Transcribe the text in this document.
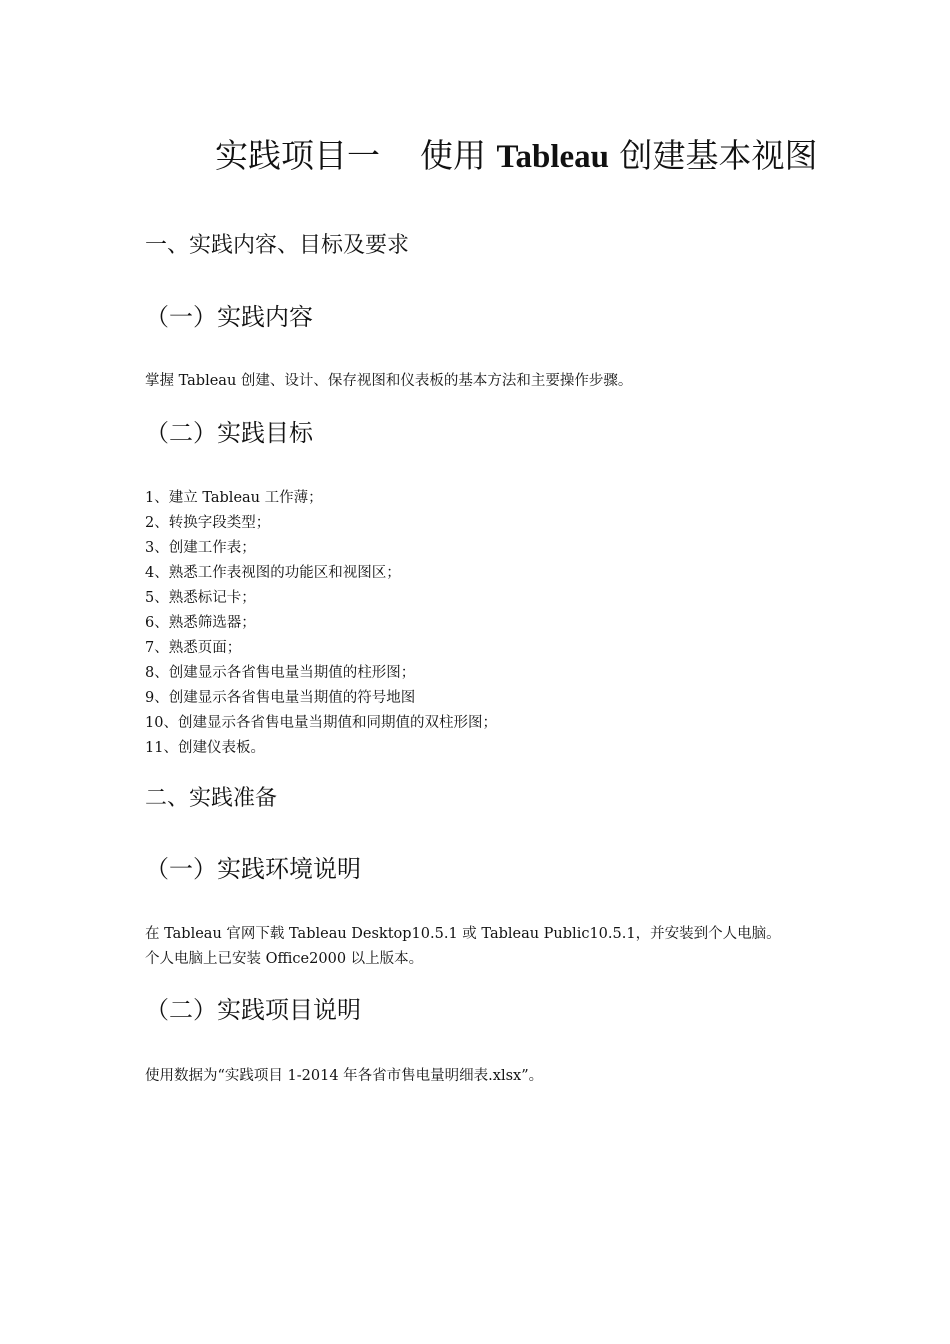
实践项目一 使用 Tableau 创建基本视图
一、实践内容、目标及要求
（一）实践内容

掌握 Tableau 创建、设计、保存视图和仪表板的基本方法和主要操作步骤。

（二）实践目标
1、建立 Tableau 工作薄；
2、转换字段类型；
3、创建工作表；
4、熟悉工作表视图的功能区和视图区；
5、熟悉标记卡；
6、熟悉筛选器；
7、熟悉页面；
8、创建显示各省售电量当期值的柱形图；
9、创建显示各省售电量当期值的符号地图
10、创建显示各省售电量当期值和同期值的双柱形图；
11、创建仪表板。
二、实践准备
（一）实践环境说明

在 Tableau 官网下载 Tableau Desktop10.5.1 或 Tableau Public10.5.1，并安装到个人电脑。

个人电脑上已安装 Office2000 以上版本。

（二）实践项目说明

使用数据为“实践项目 1-2014 年各省市售电量明细表.xlsx”。
